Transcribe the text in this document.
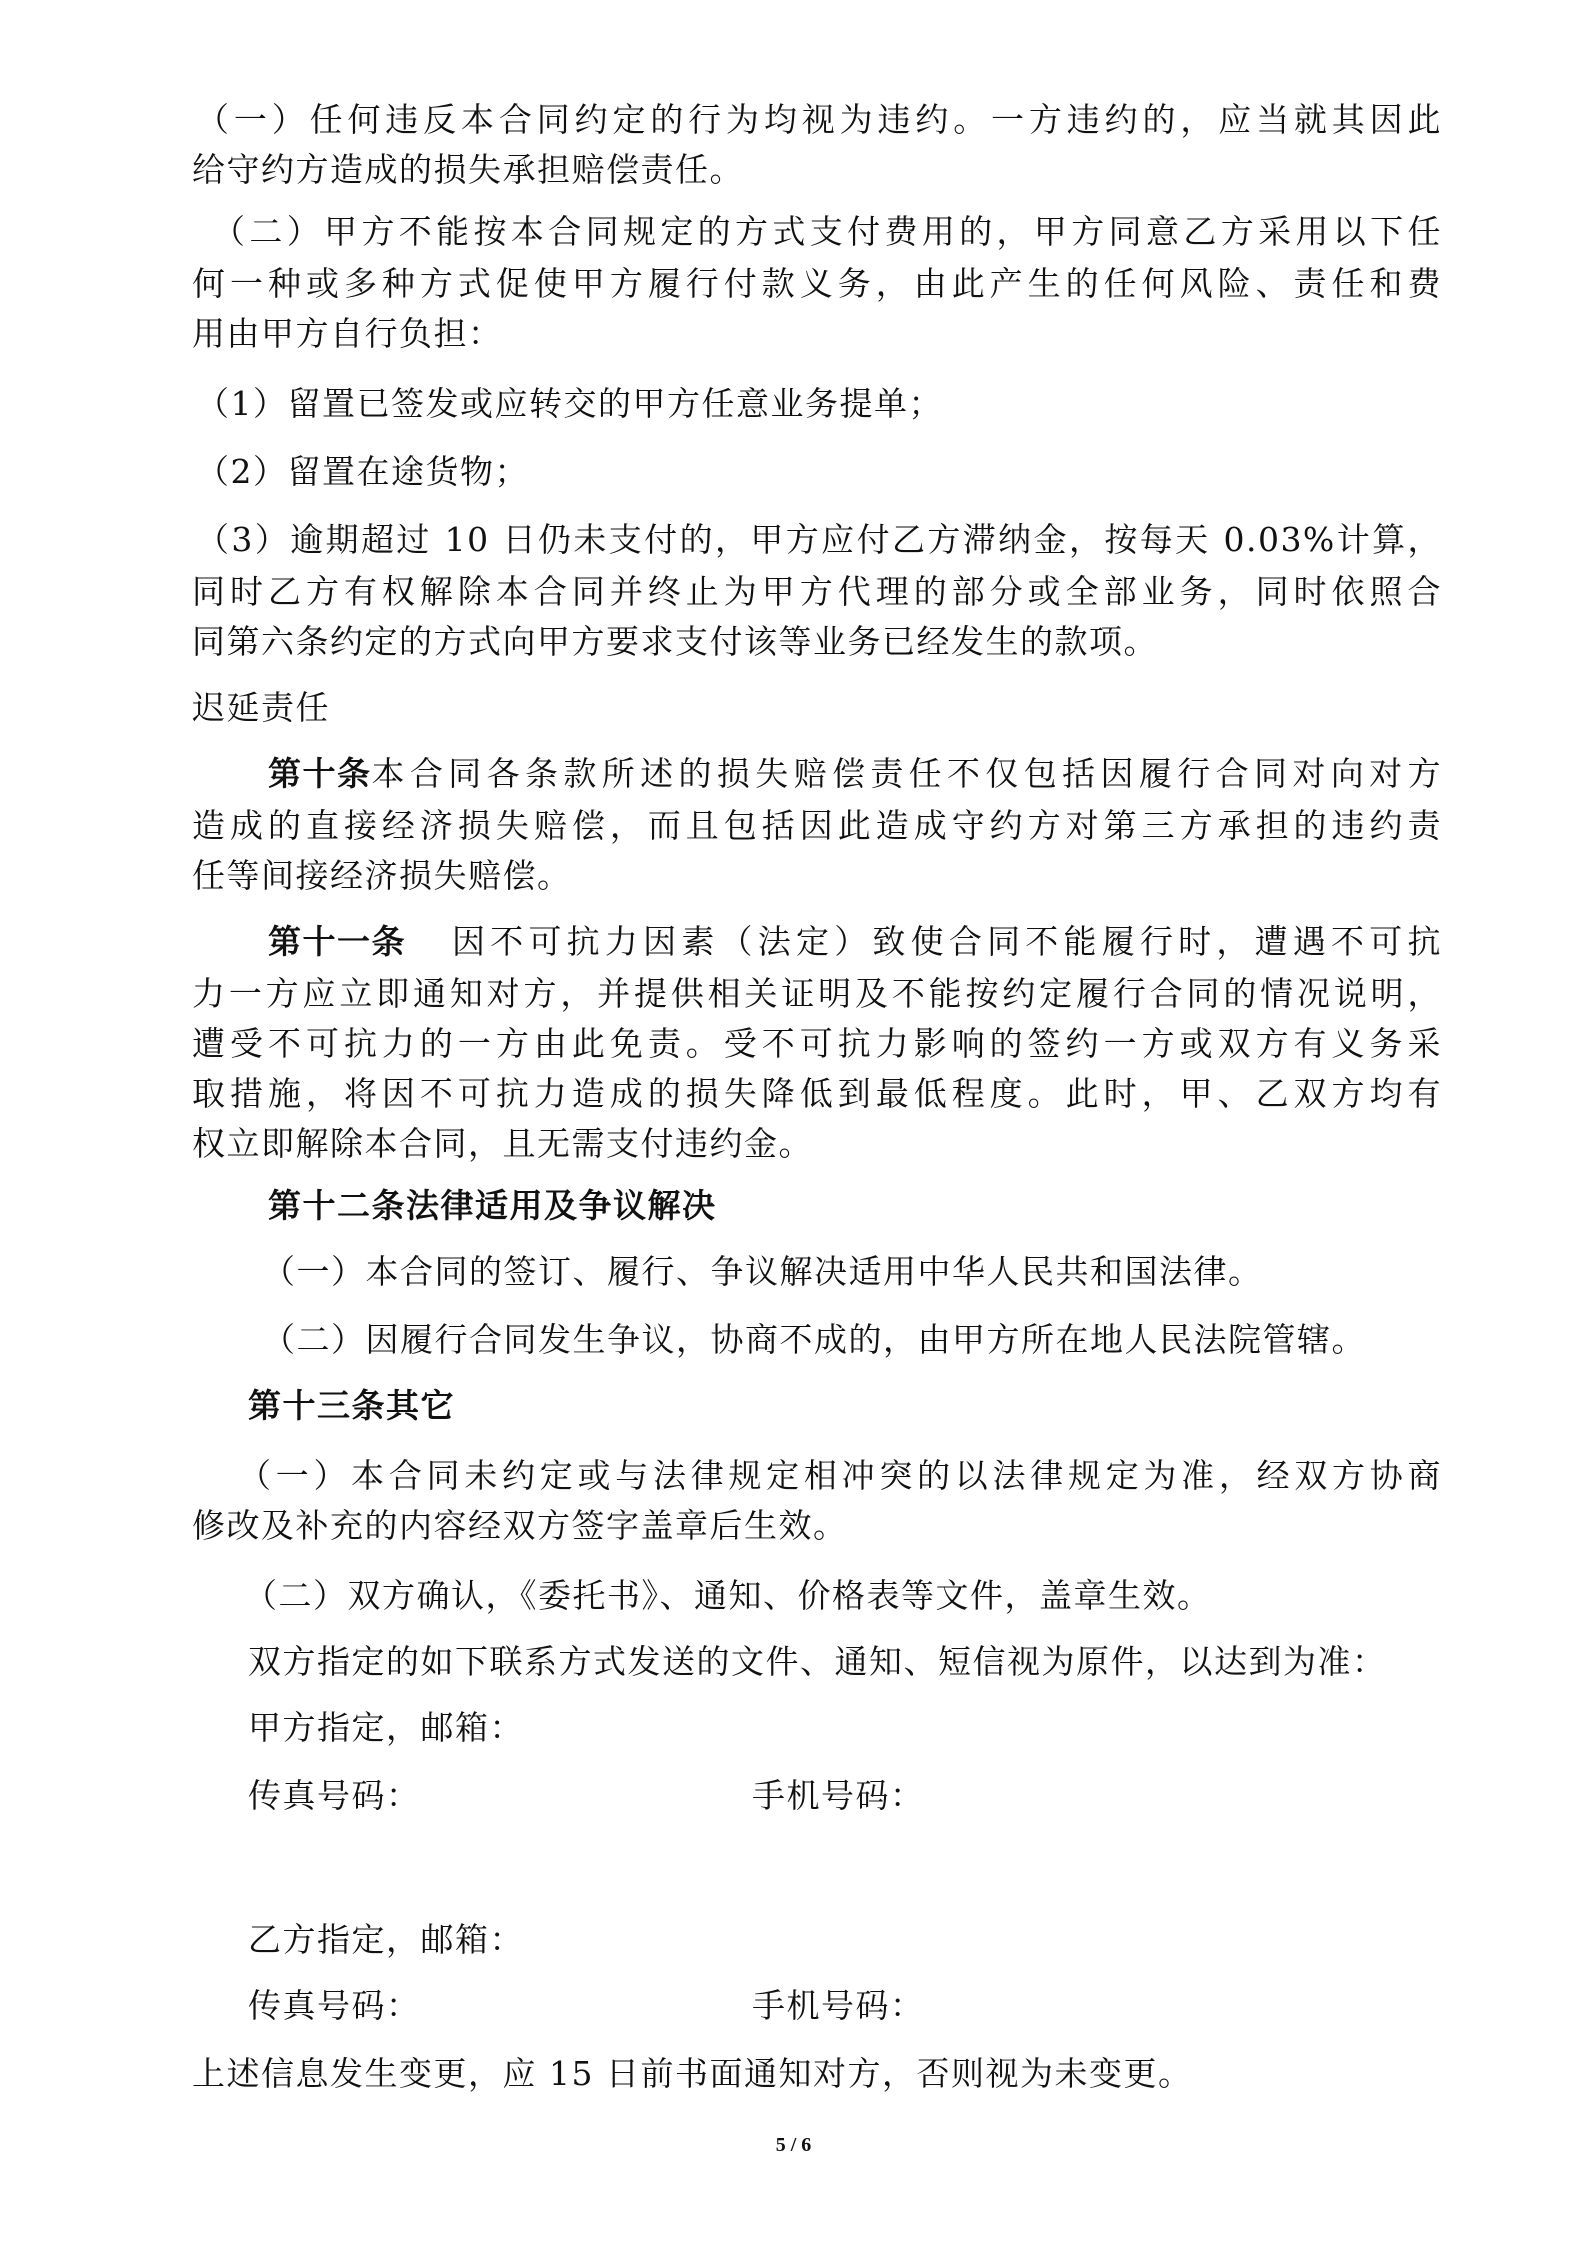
（一）任何违反本合同约定的行为均视为违约。一方违约的，应当就其因此
给守约方造成的损失承担赔偿责任。
（二）甲方不能按本合同规定的方式支付费用的，甲方同意乙方采用以下任
何一种或多种方式促使甲方履行付款义务，由此产生的任何风险、责任和费
用由甲方自行负担：
（1）留置已签发或应转交的甲方任意业务提单；
（2）留置在途货物；
（3）逾期超过 10 日仍未支付的，甲方应付乙方滞纳金，按每天 0.03%计算，
同时乙方有权解除本合同并终止为甲方代理的部分或全部业务，同时依照合
同第六条约定的方式向甲方要求支付该等业务已经发生的款项。
迟延责任
第十条 本合同各条款所述的损失赔偿责任不仅包括因履行合同对向对方
造成的直接经济损失赔偿，而且包括因此造成守约方对第三方承担的违约责
任等间接经济损失赔偿。
第十一条 因不可抗力因素（法定）致使合同不能履行时，遭遇不可抗
力一方应立即通知对方，并提供相关证明及不能按约定履行合同的情况说明，
遭受不可抗力的一方由此免责。受不可抗力影响的签约一方或双方有义务采
取措施，将因不可抗力造成的损失降低到最低程度。此时，甲、乙双方均有
权立即解除本合同，且无需支付违约金。
第十二条法律适用及争议解决
（一）本合同的签订、履行、争议解决适用中华人民共和国法律。
（二）因履行合同发生争议，协商不成的，由甲方所在地人民法院管辖。
第十三条其它
（一）本合同未约定或与法律规定相冲突的以法律规定为准，经双方协商
修改及补充的内容经双方签字盖章后生效。
（二）双方确认，《委托书》、通知、价格表等文件，盖章生效。
双方指定的如下联系方式发送的文件、通知、短信视为原件，以达到为准：
甲方指定，邮箱：
传真号码：	手机号码：
乙方指定，邮箱：
传真号码：	手机号码：
上述信息发生变更，应 15 日前书面通知对方，否则视为未变更。
5 / 6
